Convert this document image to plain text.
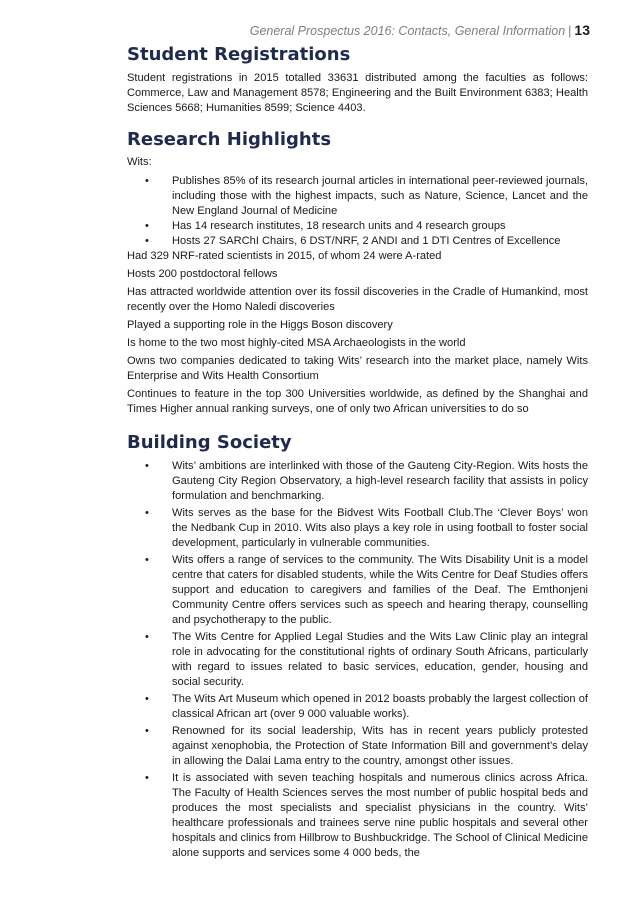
General Prospectus 2016: Contacts, General Information | 13
Student Registrations

Student registrations in 2015 totalled 33631 distributed among the faculties as follows: Commerce, Law and Management 8578; Engineering and the Built Environment 6383; Health Sciences 5668; Humanities 8599; Science 4403.

Research Highlights

Wits:

• Publishes 85% of its research journal articles in international peer-reviewed journals, including those with the highest impacts, such as Nature, Science, Lancet and the New England Journal of Medicine
• Has 14 research institutes, 18 research units and 4 research groups
• Hosts 27 SARChI Chairs, 6 DST/NRF, 2 ANDI and 1 DTI Centres of Excellence

Had 329 NRF-rated scientists in 2015, of whom 24 were A-rated

Hosts 200 postdoctoral fellows

Has attracted worldwide attention over its fossil discoveries in the Cradle of Humankind, most recently over the Homo Naledi discoveries

Played a supporting role in the Higgs Boson discovery

Is home to the two most highly-cited MSA Archaeologists in the world

Owns two companies dedicated to taking Wits’ research into the market place, namely Wits Enterprise and Wits Health Consortium

Continues to feature in the top 300 Universities worldwide, as defined by the Shanghai and Times Higher annual ranking surveys, one of only two African universities to do so

Building Society
• Wits’ ambitions are interlinked with those of the Gauteng City-Region. Wits hosts the Gauteng City Region Observatory, a high-level research facility that assists in policy formulation and benchmarking.
• Wits serves as the base for the Bidvest Wits Football Club.The ‘Clever Boys’ won the Nedbank Cup in 2010. Wits also plays a key role in using football to foster social development, particularly in vulnerable communities.
• Wits offers a range of services to the community. The Wits Disability Unit is a model centre that caters for disabled students, while the Wits Centre for Deaf Studies offers support and education to caregivers and families of the Deaf. The Emthonjeni Community Centre offers services such as speech and hearing therapy, counselling and psychotherapy to the public.
• The Wits Centre for Applied Legal Studies and the Wits Law Clinic play an integral role in advocating for the constitutional rights of ordinary South Africans, particularly with regard to issues related to basic services, education, gender, housing and social security.
• The Wits Art Museum which opened in 2012 boasts probably the largest collection of classical African art (over 9 000 valuable works).
• Renowned for its social leadership, Wits has in recent years publicly protested against xenophobia, the Protection of State Information Bill and government’s delay in allowing the Dalai Lama entry to the country, amongst other issues.
• It is associated with seven teaching hospitals and numerous clinics across Africa. The Faculty of Health Sciences serves the most number of public hospital beds and produces the most specialists and specialist physicians in the country. Wits’ healthcare professionals and trainees serve nine public hospitals and several other hospitals and clinics from Hillbrow to Bushbuckridge. The School of Clinical Medicine alone supports and services some 4 000 beds, the
